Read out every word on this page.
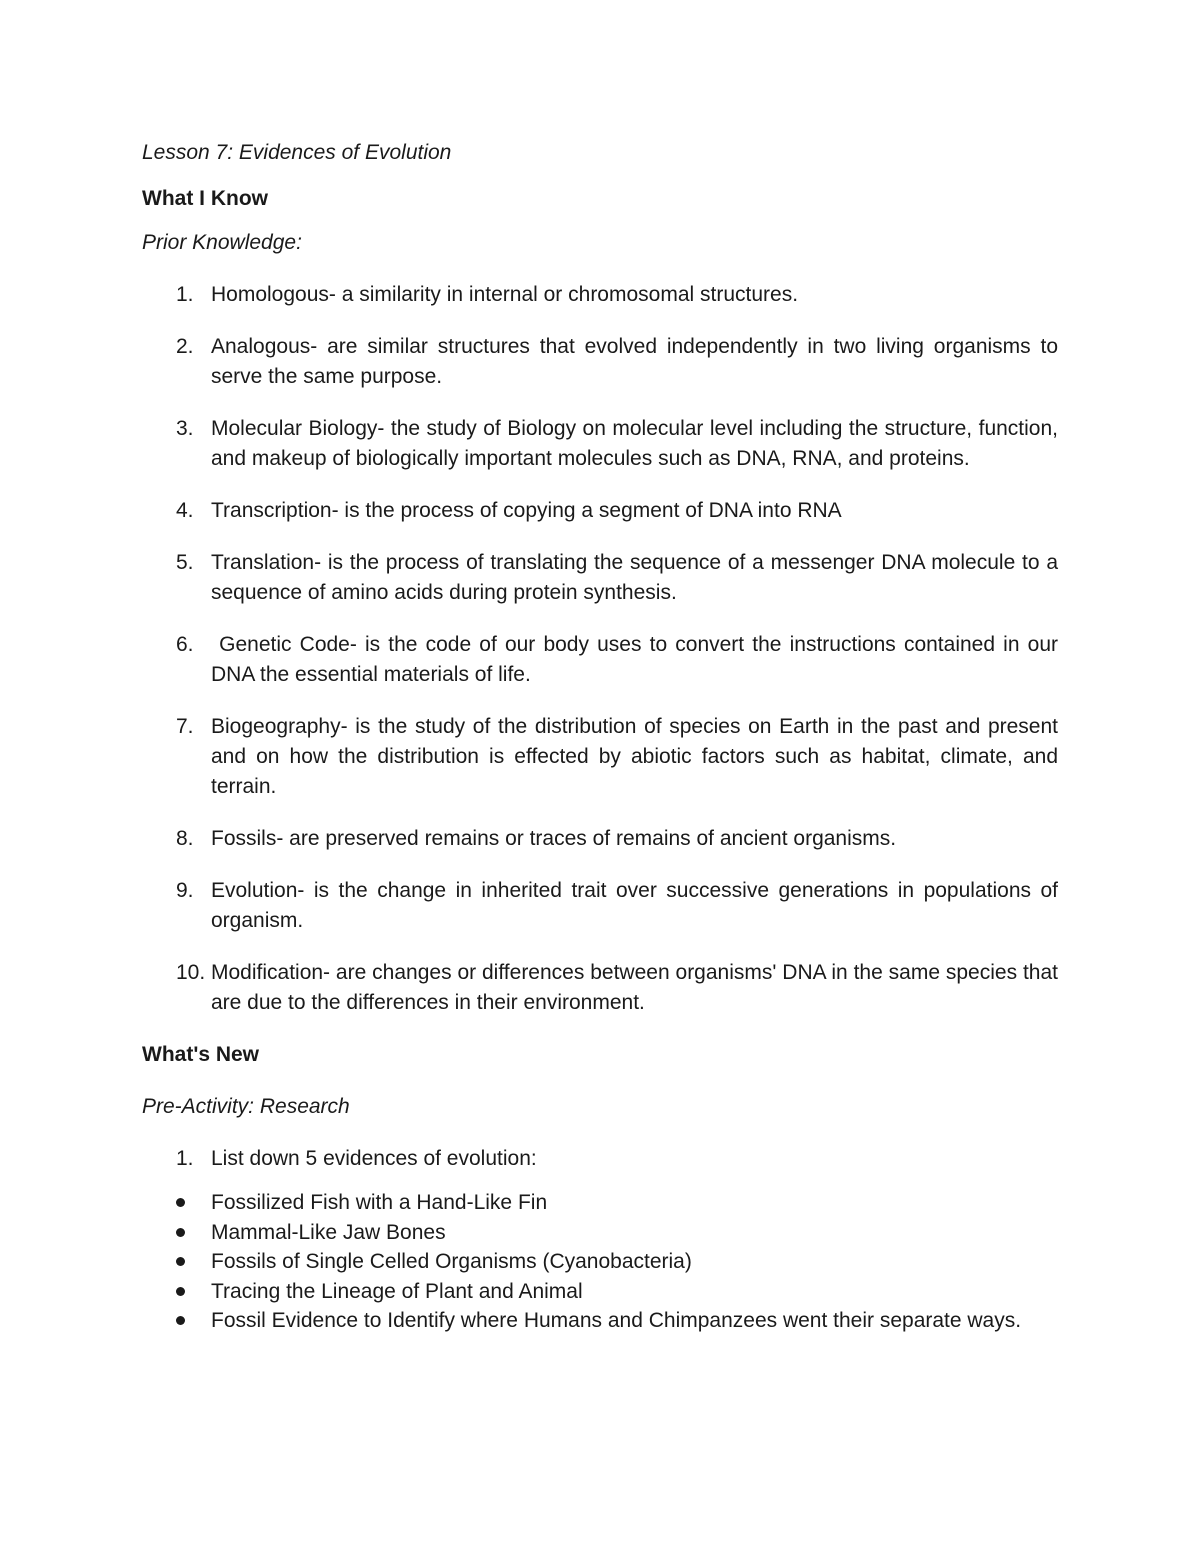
Lesson 7: Evidences of Evolution

What I Know

Prior Knowledge:

1. Homologous- a similarity in internal or chromosomal structures.
2. Analogous- are similar structures that evolved independently in two living organisms to serve the same purpose.
3. Molecular Biology- the study of Biology on molecular level including the structure, function, and makeup of biologically important molecules such as DNA, RNA, and proteins.
4. Transcription- is the process of copying a segment of DNA into RNA
5. Translation- is the process of translating the sequence of a messenger DNA molecule to a sequence of amino acids during protein synthesis.
6. Genetic Code- is the code of our body uses to convert the instructions contained in our DNA the essential materials of life.
7. Biogeography- is the study of the distribution of species on Earth in the past and present and on how the distribution is effected by abiotic factors such as habitat, climate, and terrain.
8. Fossils- are preserved remains or traces of remains of ancient organisms.
9. Evolution- is the change in inherited trait over successive generations in populations of organism.
10. Modification- are changes or differences between organisms' DNA in the same species that are due to the differences in their environment.

What's New

Pre-Activity: Research

1. List down 5 evidences of evolution:
Fossilized Fish with a Hand-Like Fin
Mammal-Like Jaw Bones
Fossils of Single Celled Organisms (Cyanobacteria)
Tracing the Lineage of Plant and Animal
Fossil Evidence to Identify where Humans and Chimpanzees went their separate ways.
